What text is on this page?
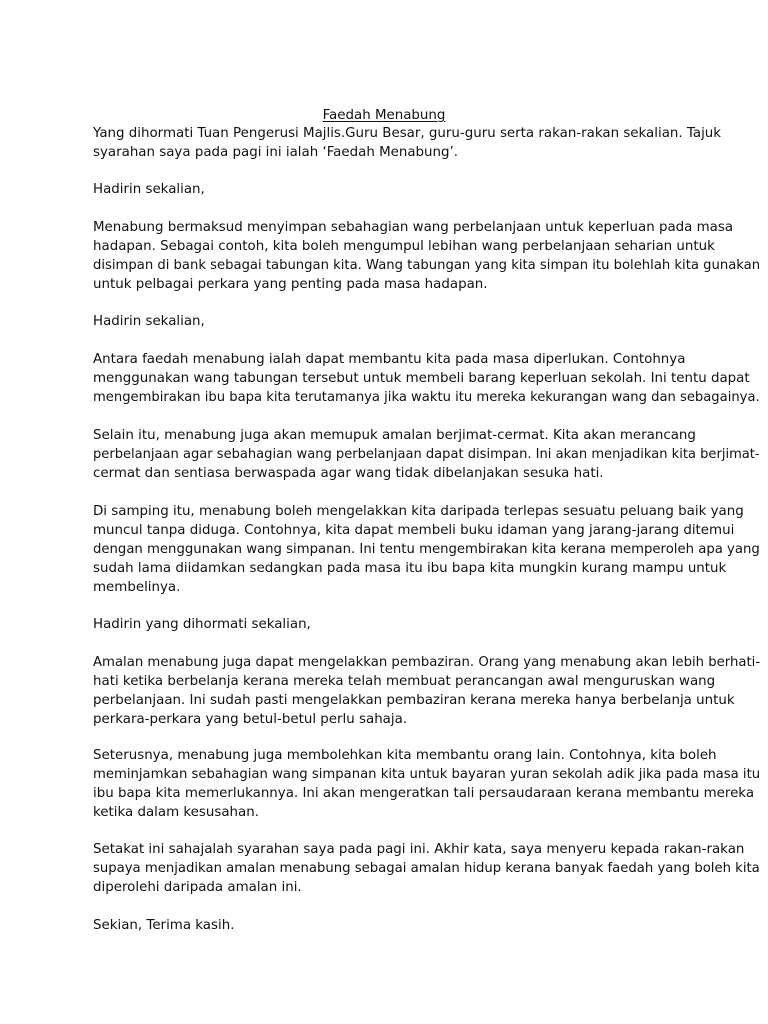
Faedah Menabung

Yang dihormati Tuan Pengerusi Majlis.Guru Besar, guru-guru serta rakan-rakan sekalian. Tajuk
syarahan saya pada pagi ini ialah ‘Faedah Menabung’.

Hadirin sekalian,

Menabung bermaksud menyimpan sebahagian wang perbelanjaan untuk keperluan pada masa
hadapan. Sebagai contoh, kita boleh mengumpul lebihan wang perbelanjaan seharian untuk
disimpan di bank sebagai tabungan kita. Wang tabungan yang kita simpan itu bolehlah kita gunakan
untuk pelbagai perkara yang penting pada masa hadapan.

Hadirin sekalian,

Antara faedah menabung ialah dapat membantu kita pada masa diperlukan. Contohnya
menggunakan wang tabungan tersebut untuk membeli barang keperluan sekolah. Ini tentu dapat
mengembirakan ibu bapa kita terutamanya jika waktu itu mereka kekurangan wang dan sebagainya.

Selain itu, menabung juga akan memupuk amalan berjimat-cermat. Kita akan merancang
perbelanjaan agar sebahagian wang perbelanjaan dapat disimpan. Ini akan menjadikan kita berjimat-
cermat dan sentiasa berwaspada agar wang tidak dibelanjakan sesuka hati.

Di samping itu, menabung boleh mengelakkan kita daripada terlepas sesuatu peluang baik yang
muncul tanpa diduga. Contohnya, kita dapat membeli buku idaman yang jarang-jarang ditemui
dengan menggunakan wang simpanan. Ini tentu mengembirakan kita kerana memperoleh apa yang
sudah lama diidamkan sedangkan pada masa itu ibu bapa kita mungkin kurang mampu untuk
membelinya.

Hadirin yang dihormati sekalian,

Amalan menabung juga dapat mengelakkan pembaziran. Orang yang menabung akan lebih berhati-
hati ketika berbelanja kerana mereka telah membuat perancangan awal menguruskan wang
perbelanjaan. Ini sudah pasti mengelakkan pembaziran kerana mereka hanya berbelanja untuk
perkara-perkara yang betul-betul perlu sahaja.

Seterusnya, menabung juga membolehkan kita membantu orang lain. Contohnya, kita boleh
meminjamkan sebahagian wang simpanan kita untuk bayaran yuran sekolah adik jika pada masa itu
ibu bapa kita memerlukannya. Ini akan mengeratkan tali persaudaraan kerana membantu mereka
ketika dalam kesusahan.

Setakat ini sahajalah syarahan saya pada pagi ini. Akhir kata, saya menyeru kepada rakan-rakan
supaya menjadikan amalan menabung sebagai amalan hidup kerana banyak faedah yang boleh kita
diperolehi daripada amalan ini.

Sekian, Terima kasih.
